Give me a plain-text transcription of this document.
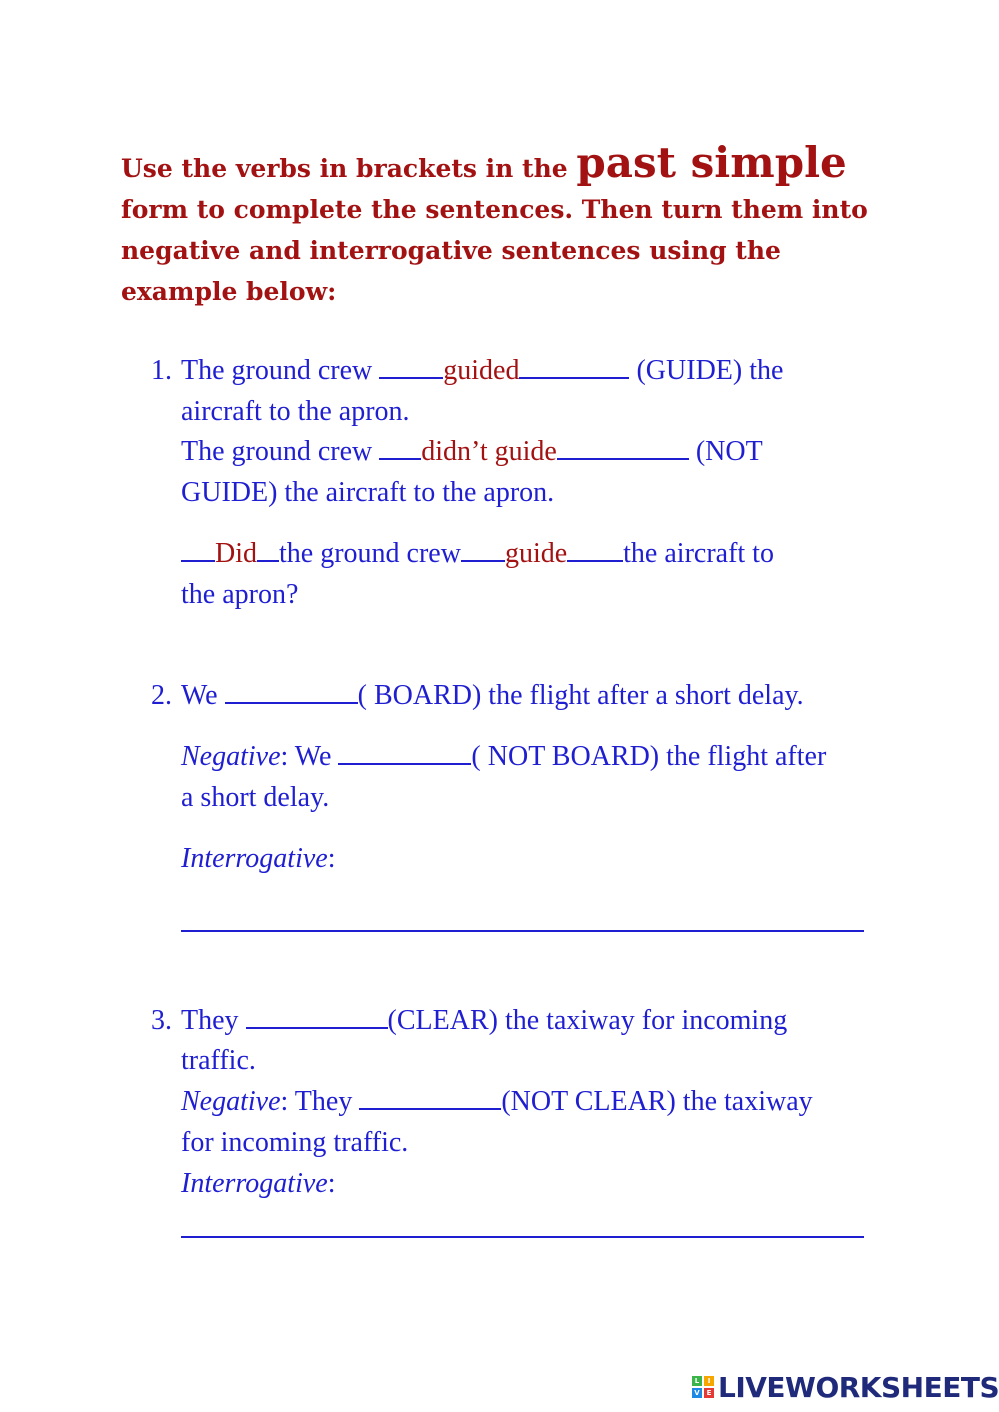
Use the verbs in brackets in the past simple
form to complete the sentences. Then turn them into
negative and interrogative sentences using the
example below:
1. The ground crew guided	(GUIDE) the
aircraft to the apron.
The ground crew didn’t guide	(NOT
GUIDE) the aircraft to the apron.
Did the ground crew guide the aircraft to
the apron?
2. We	( BOARD) the flight after a short delay.
Negative: We	( NOT BOARD) the flight after
a short delay.
Interrogative:
3. They	(CLEAR) the taxiway for incoming
traffic.
Negative: They	(NOT CLEAR) the taxiway
for incoming traffic.
Interrogative:
L	I
V E LIVEWORKSHEETS
